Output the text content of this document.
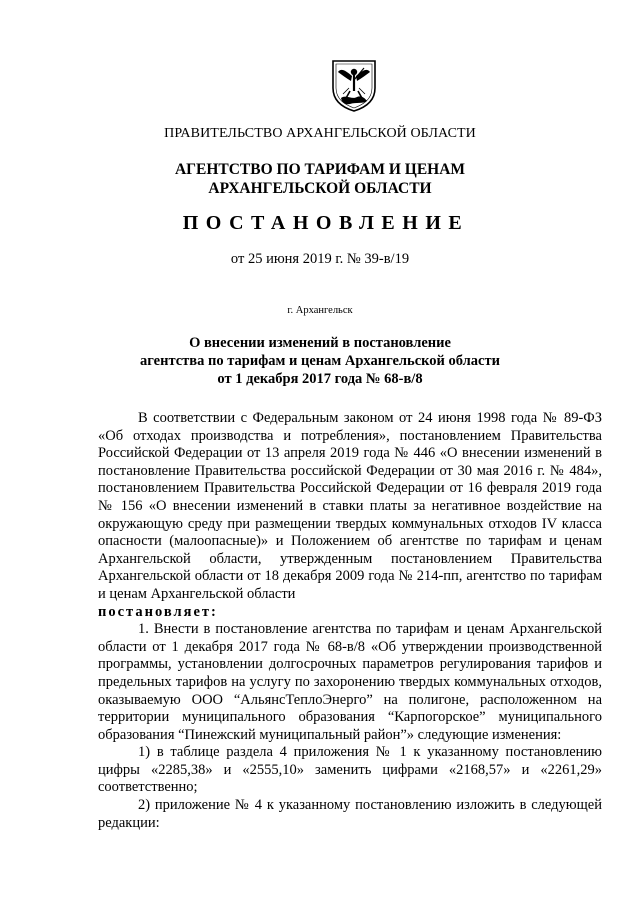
ПРАВИТЕЛЬСТВО АРХАНГЕЛЬСКОЙ ОБЛАСТИ
АГЕНТСТВО ПО ТАРИФАМ И ЦЕНАМ
АРХАНГЕЛЬСКОЙ ОБЛАСТИ
ПОСТАНОВЛЕНИЕ
от 25 июня 2019 г. № 39-в/19
г. Архангельск
О внесении изменений в постановление
агентства по тарифам и ценам Архангельской области
от 1 декабря 2017 года № 68-в/8

В соответствии с Федеральным законом от 24 июня 1998 года № 89-ФЗ «Об отходах производства и потребления», постановлением Правительства Российской Федерации от 13 апреля 2019 года № 446 «О внесении изменений в постановление Правительства российской Федерации от 30 мая 2016 г. № 484», постановлением Правительства Российской Федерации от 16 февраля 2019 года № 156 «О внесении изменений в ставки платы за негативное воздействие на окружающую среду при размещении твердых коммунальных отходов IV класса опасности (малоопасные)» и Положением об агентстве по тарифам и ценам Архангельской области, утвержденным постановлением Правительства Архангельской области от 18 декабря 2009 года № 214-пп, агентство по тарифам и ценам Архангельской области

постановляет:

1. Внести в постановление агентства по тарифам и ценам Архангельской области от 1 декабря 2017 года № 68-в/8 «Об утверждении производственной программы, установлении долгосрочных параметров регулирования тарифов и предельных тарифов на услугу по захоронению твердых коммунальных отходов, оказываемую ООО “АльянсТеплоЭнерго” на полигоне, расположенном на территории муниципального образования “Карпогорское” муниципального образования “Пинежский муниципальный район”» следующие изменения:

1) в таблице раздела 4 приложения № 1 к указанному постановлению цифры «2285,38» и «2555,10» заменить цифрами «2168,57» и «2261,29» соответственно;

2) приложение № 4 к указанному постановлению изложить в следующей редакции:
